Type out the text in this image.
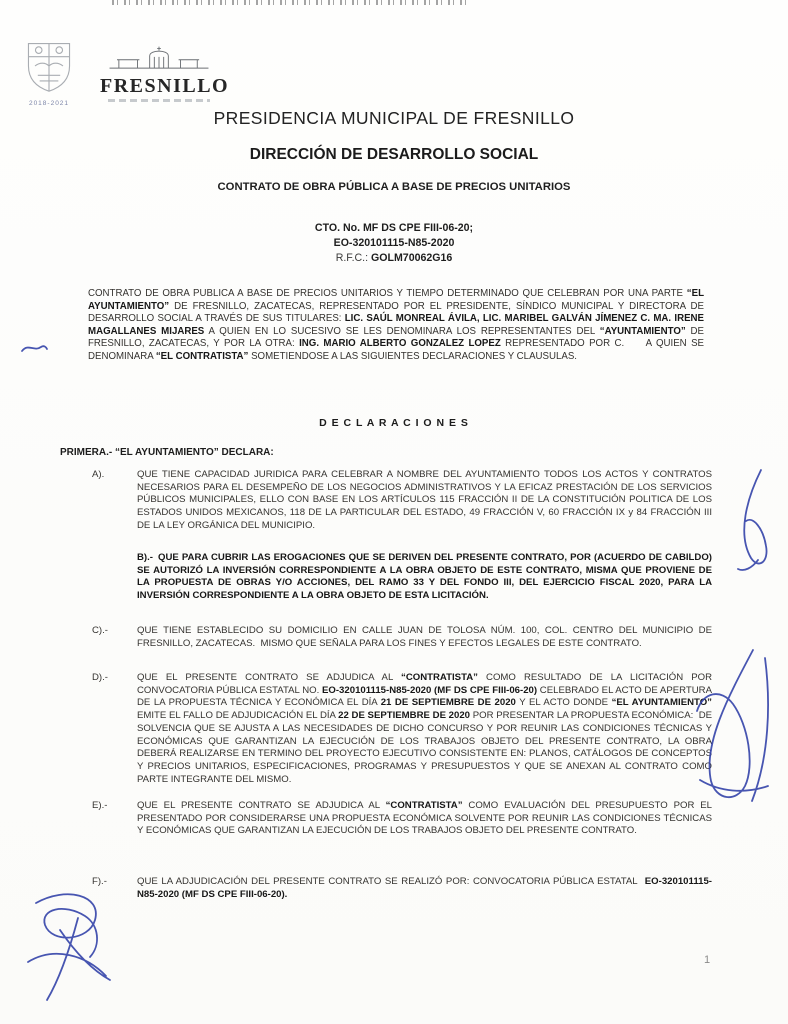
2018-2021
FRESNILLO
PRESIDENCIA MUNICIPAL DE FRESNILLO
DIRECCIÓN DE DESARROLLO SOCIAL
CONTRATO DE OBRA PÚBLICA A BASE DE PRECIOS UNITARIOS
CTO. No. MF DS CPE FIII-06-20;
EO-320101115-N85-2020
R.F.C.: GOLM70062G16

CONTRATO DE OBRA PUBLICA A BASE DE PRECIOS UNITARIOS Y TIEMPO DETERMINADO QUE CELEBRAN POR UNA PARTE “EL AYUNTAMIENTO” DE FRESNILLO, ZACATECAS, REPRESENTADO POR EL PRESIDENTE, SÍNDICO MUNICIPAL Y DIRECTORA DE DESARROLLO SOCIAL A TRAVÉS DE SUS TITULARES: LIC. SAÚL MONREAL ÁVILA, LIC. MARIBEL GALVÁN JÍMENEZ C. MA. IRENE MAGALLANES MIJARES A QUIEN EN LO SUCESIVO SE LES DENOMINARA LOS REPRESENTANTES DEL “AYUNTAMIENTO” DE FRESNILLO, ZACATECAS, Y POR LA OTRA: ING. MARIO ALBERTO GONZALEZ LOPEZ REPRESENTADO POR C.     A QUIEN SE DENOMINARA “EL CONTRATISTA” SOMETIENDOSE A LAS SIGUIENTES DECLARACIONES Y CLAUSULAS.

D E C L A R A C I O N E S
PRIMERA.- “EL AYUNTAMIENTO” DECLARA:
A).	QUE TIENE CAPACIDAD JURIDICA PARA CELEBRAR A NOMBRE DEL AYUNTAMIENTO TODOS LOS ACTOS Y CONTRATOS NECESARIOS PARA EL DESEMPEÑO DE LOS NEGOCIOS ADMINISTRATIVOS Y LA EFICAZ PRESTACIÓN DE LOS SERVICIOS PÚBLICOS MUNICIPALES, ELLO CON BASE EN LOS ARTÍCULOS 115 FRACCIÓN II DE LA CONSTITUCIÓN POLITICA DE LOS ESTADOS UNIDOS MEXICANOS, 118 DE LA PARTICULAR DEL ESTADO, 49 FRACCIÓN V, 60 FRACCIÓN IX y 84 FRACCIÓN III DE LA LEY ORGÁNICA DEL MUNICIPIO.
B).- QUE PARA CUBRIR LAS EROGACIONES QUE SE DERIVEN DEL PRESENTE CONTRATO, POR (ACUERDO DE CABILDO) SE AUTORIZÓ LA INVERSIÓN CORRESPONDIENTE A LA OBRA OBJETO DE ESTE CONTRATO, MISMA QUE PROVIENE DE LA PROPUESTA DE OBRAS Y/O ACCIONES, DEL RAMO 33 Y DEL FONDO III, DEL EJERCICIO FISCAL 2020, PARA LA INVERSIÓN CORRESPONDIENTE A LA OBRA OBJETO DE ESTA LICITACIÓN.
C).-	QUE TIENE ESTABLECIDO SU DOMICILIO EN CALLE JUAN DE TOLOSA NÚM. 100, COL. CENTRO DEL MUNICIPIO DE FRESNILLO, ZACATECAS.  MISMO QUE SEÑALA PARA LOS FINES Y EFECTOS LEGALES DE ESTE CONTRATO.
D).-	QUE EL PRESENTE CONTRATO SE ADJUDICA AL “CONTRATISTA” COMO RESULTADO DE LA LICITACIÓN POR CONVOCATORIA PÚBLICA ESTATAL NO. EO-320101115-N85-2020 (MF DS CPE FIII-06-20) CELEBRADO EL ACTO DE APERTURA DE LA PROPUESTA TÉCNICA Y ECONÓMICA EL DÍA 21 DE SEPTIEMBRE DE 2020 Y EL ACTO DONDE “EL AYUNTAMIENTO” EMITE EL FALLO DE ADJUDICACIÓN EL DÍA 22 DE SEPTIEMBRE DE 2020 POR PRESENTAR LA PROPUESTA ECONÓMICA:  DE SOLVENCIA QUE SE AJUSTA A LAS NECESIDADES DE DICHO CONCURSO Y POR REUNIR LAS CONDICIONES TÉCNICAS Y ECONÓMICAS QUE GARANTIZAN LA EJECUCIÓN DE LOS TRABAJOS OBJETO DEL PRESENTE CONTRATO, LA OBRA DEBERÁ REALIZARSE EN TERMINO DEL PROYECTO EJECUTIVO CONSISTENTE EN: PLANOS, CATÁLOGOS DE CONCEPTOS Y PRECIOS UNITARIOS, ESPECIFICACIONES, PROGRAMAS Y PRESUPUESTOS Y QUE SE ANEXAN AL CONTRATO COMO PARTE INTEGRANTE DEL MISMO.
E).-	QUE EL PRESENTE CONTRATO SE ADJUDICA AL “CONTRATISTA” COMO EVALUACIÓN DEL PRESUPUESTO POR EL PRESENTADO POR CONSIDERARSE UNA PROPUESTA ECONÓMICA SOLVENTE POR REUNIR LAS CONDICIONES TÉCNICAS Y ECONÓMICAS QUE GARANTIZAN LA EJECUCIÓN DE LOS TRABAJOS OBJETO DEL PRESENTE CONTRATO.
F).-	QUE LA ADJUDICACIÓN DEL PRESENTE CONTRATO SE REALIZÓ POR: CONVOCATORIA PÚBLICA ESTATAL  EO-320101115-N85-2020 (MF DS CPE FIII-06-20).
1
